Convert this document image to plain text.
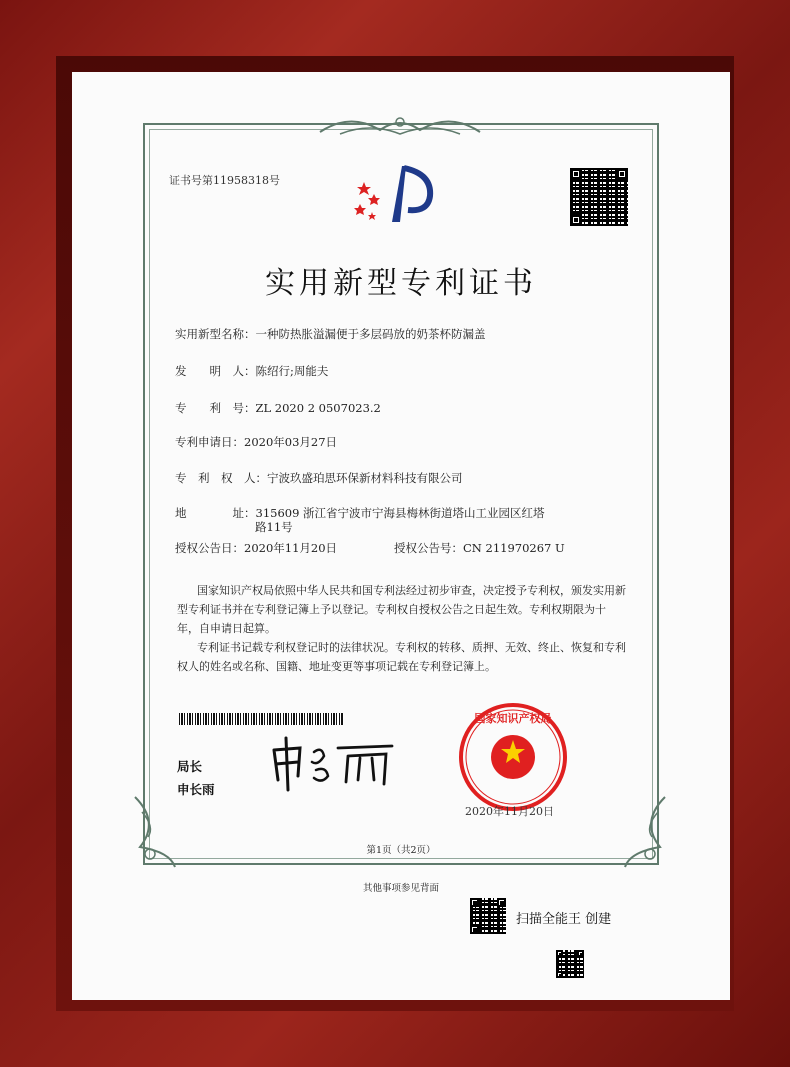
证书号第11958318号
实用新型专利证书
实用新型名称：一种防热胀溢漏便于多层码放的奶茶杯防漏盖
发　　明　人：陈绍行;周能夫
专　　利　号：ZL 2020 2 0507023.2
专利申请日：2020年03月27日
专　利　权　人：宁波玖盛珀思环保新材料科技有限公司
地　　　　址：315609 浙江省宁波市宁海县梅林街道塔山工业园区红塔
路11号
授权公告日：2020年11月20日	授权公告号：CN 211970267 U
国家知识产权局依照中华人民共和国专利法经过初步审查，决定授予专利权，颁发实用新型专利证书并在专利登记簿上予以登记。专利权自授权公告之日起生效。专利权期限为十年，自申请日起算。
专利证书记载专利权登记时的法律状况。专利权的转移、质押、无效、终止、恢复和专利权人的姓名或名称、国籍、地址变更等事项记载在专利登记簿上。
局长
申长雨
国家知识产权局
2020年11月20日
第1页（共2页）
其他事项参见背面
扫描全能王 创建
